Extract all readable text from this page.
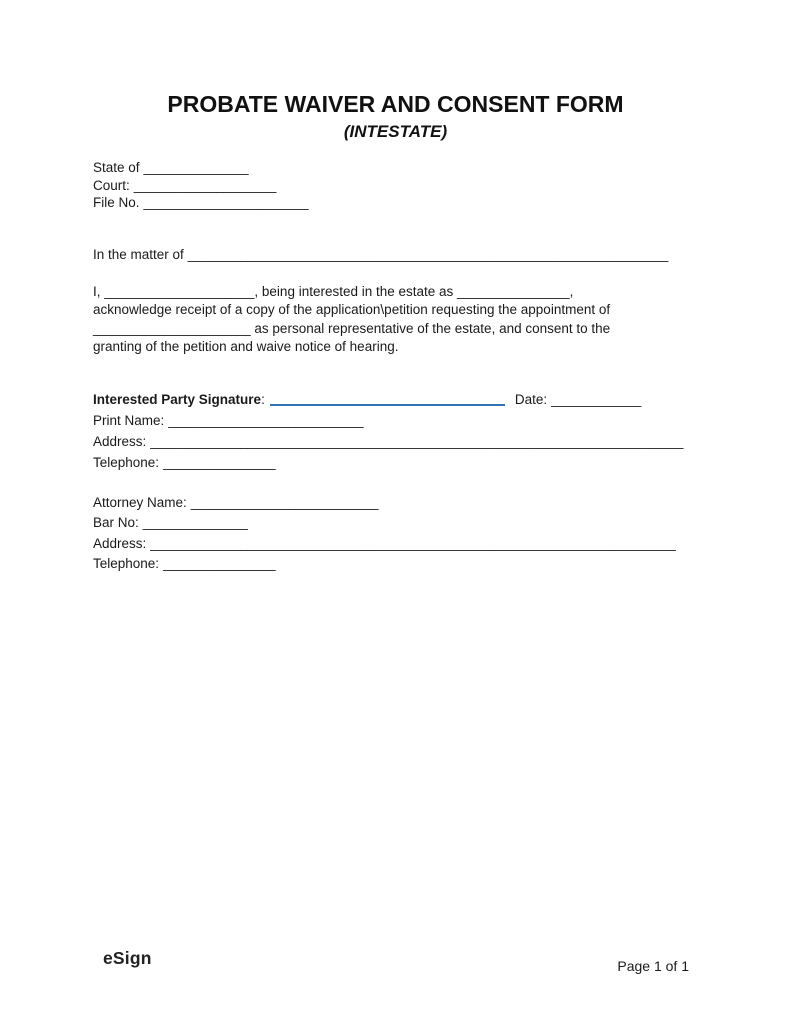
PROBATE WAIVER AND CONSENT FORM
(INTESTATE)
State of ______________
Court: ___________________
File No. ______________________
In the matter of ________________________________________________________________
I, ____________________, being interested in the estate as _______________,
acknowledge receipt of a copy of the application\petition requesting the appointment of
_____________________ as personal representative of the estate, and consent to the
granting of the petition and waive notice of hearing.
Interested Party Signature:	Date: ____________
Print Name: __________________________
Address: _______________________________________________________________________
Telephone: _______________
Attorney Name: _________________________
Bar No: ______________
Address: ______________________________________________________________________
Telephone: _______________
eSign	Page 1 of 1
